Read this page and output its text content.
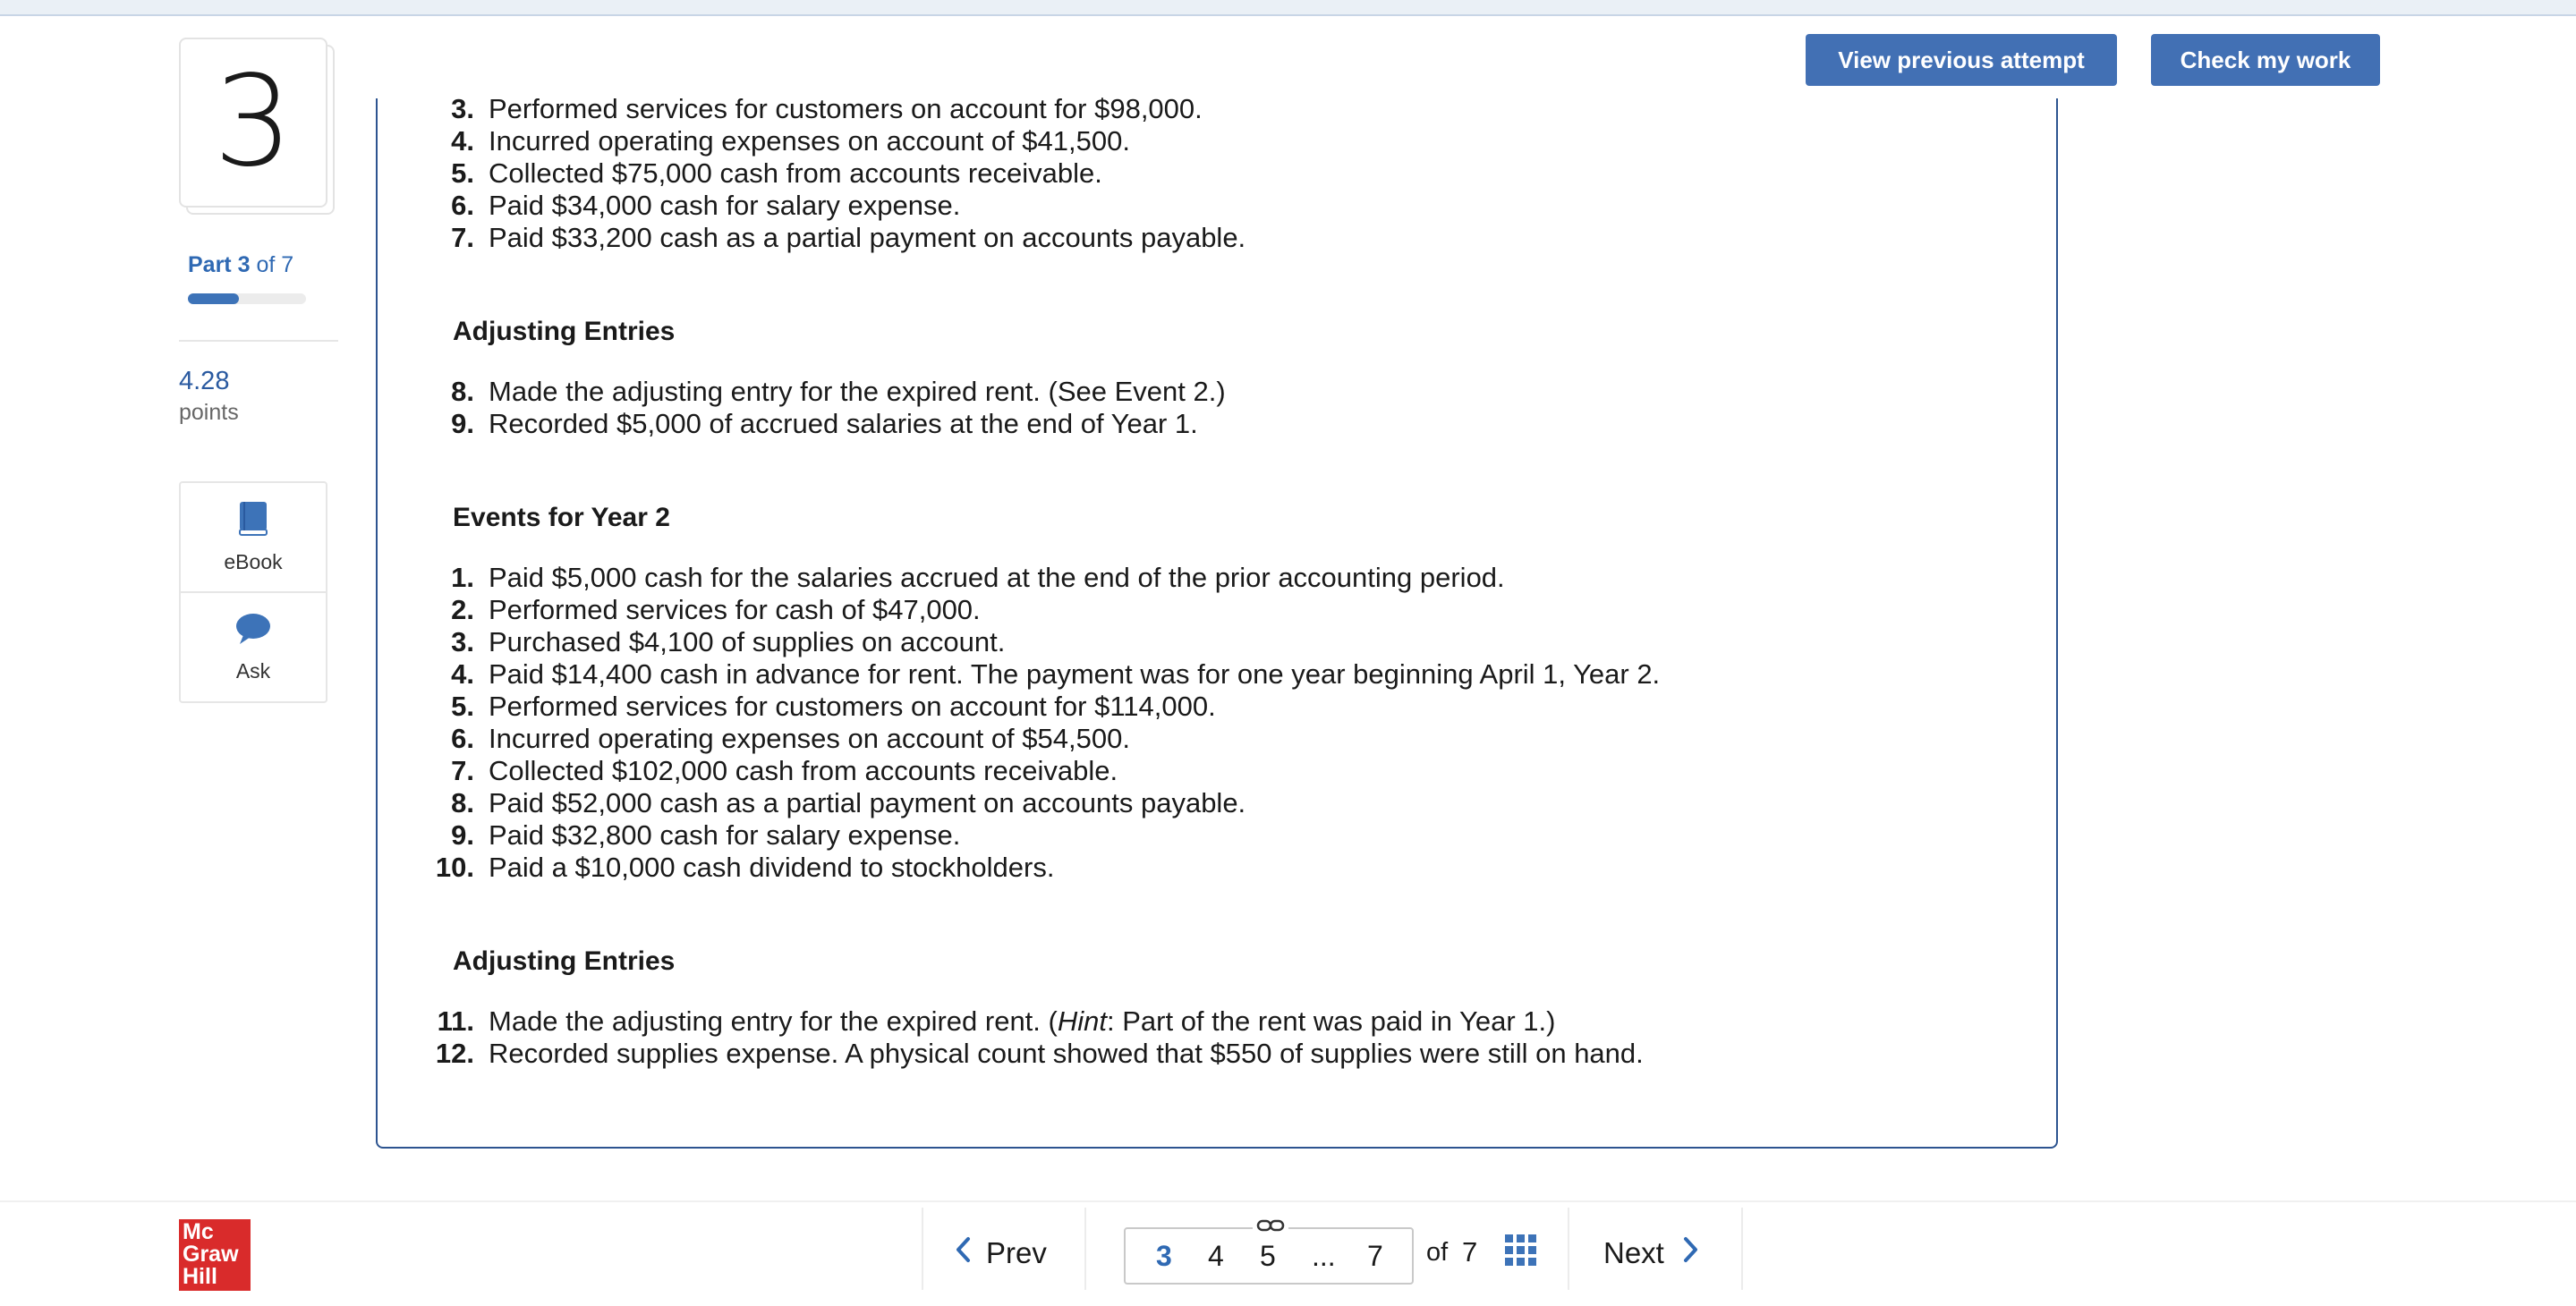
3
Part 3 of 7
4.28
points
eBook
Ask
View previous attempt	Check my work
3. Performed services for customers on account for $98,000.
4. Incurred operating expenses on account of $41,500.
5. Collected $75,000 cash from accounts receivable.
6. Paid $34,000 cash for salary expense.
7. Paid $33,200 cash as a partial payment on accounts payable.
Adjusting Entries
8. Made the adjusting entry for the expired rent. (See Event 2.)
9. Recorded $5,000 of accrued salaries at the end of Year 1.
Events for Year 2
1. Paid $5,000 cash for the salaries accrued at the end of the prior accounting period.
2. Performed services for cash of $47,000.
3. Purchased $4,100 of supplies on account.
4. Paid $14,400 cash in advance for rent. The payment was for one year beginning April 1, Year 2.
5. Performed services for customers on account for $114,000.
6. Incurred operating expenses on account of $54,500.
7. Collected $102,000 cash from accounts receivable.
8. Paid $52,000 cash as a partial payment on accounts payable.
9. Paid $32,800 cash for salary expense.
10. Paid a $10,000 cash dividend to stockholders.
Adjusting Entries
11. Made the adjusting entry for the expired rent. (Hint: Part of the rent was paid in Year 1.)
12. Recorded supplies expense. A physical count showed that $550 of supplies were still on hand.
Mc
Graw
Hill
Prev	3 4 5 ... 7 of 7	Next
